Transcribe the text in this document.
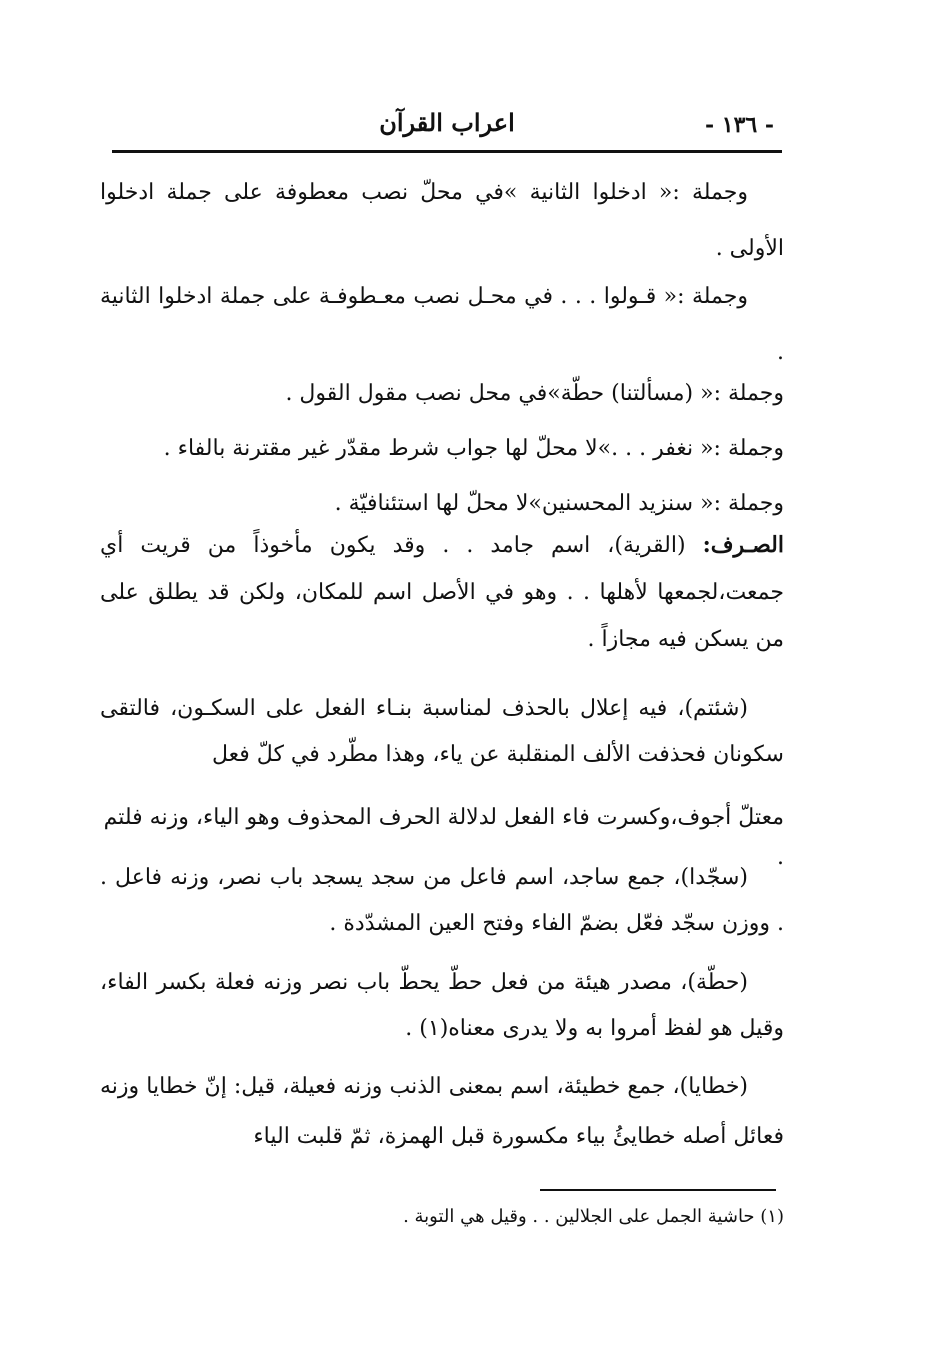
اعراب القرآن	- ١٣٦ -
وجملة :« ادخلوا الثانية »في محلّ نصب معطوفة على جملة ادخلوا الأولى .
وجملة :« قـولوا . . . في محـل نصب معـطوفـة على جملة ادخلوا الثانية .
وجملة :« (مسألتنا) حطّة»في محل نصب مقول القول .
وجملة :« نغفر . . .»لا محلّ لها جواب شرط مقدّر غير مقترنة بالفاء .
وجملة :« سنزيد المحسنين»لا محلّ لها استئنافيّة .
الصـرف: (القرية)، اسم جامد . . وقد يكون مأخوذاً من قريت أي جمعت،لجمعها لأهلها . . وهو في الأصل اسم للمكان، ولكن قد يطلق على من يسكن فيه مجازاً .
(شئتم)، فيه إعلال بالحذف لمناسبة بنـاء الفعل على السكـون، فالتقى سكونان فحذفت الألف المنقلبة عن ياء، وهذا مطّرد في كلّ فعل
معتلّ أجوف،وكسرت فاء الفعل لدلالة الحرف المحذوف وهو الياء، وزنه فلتم .
(سجّدا)، جمع ساجد، اسم فاعل من سجد يسجد باب نصر، وزنه فاعل . . ووزن سجّد فعّل بضمّ الفاء وفتح العين المشدّدة .
(حطّة)، مصدر هيئة من فعل حطّ يحطّ باب نصر وزنه فعلة بكسر الفاء، وقيل هو لفظ أمروا به ولا يدرى معناه(١) .
(خطايا)، جمع خطيئة، اسم بمعنى الذنب وزنه فعيلة، قيل: إنّ خطايا وزنه فعائل أصله خطايئُ بياء مكسورة قبل الهمزة، ثمّ قلبت الياء
(١) حاشية الجمل على الجلالين . . وقيل هي التوبة .
